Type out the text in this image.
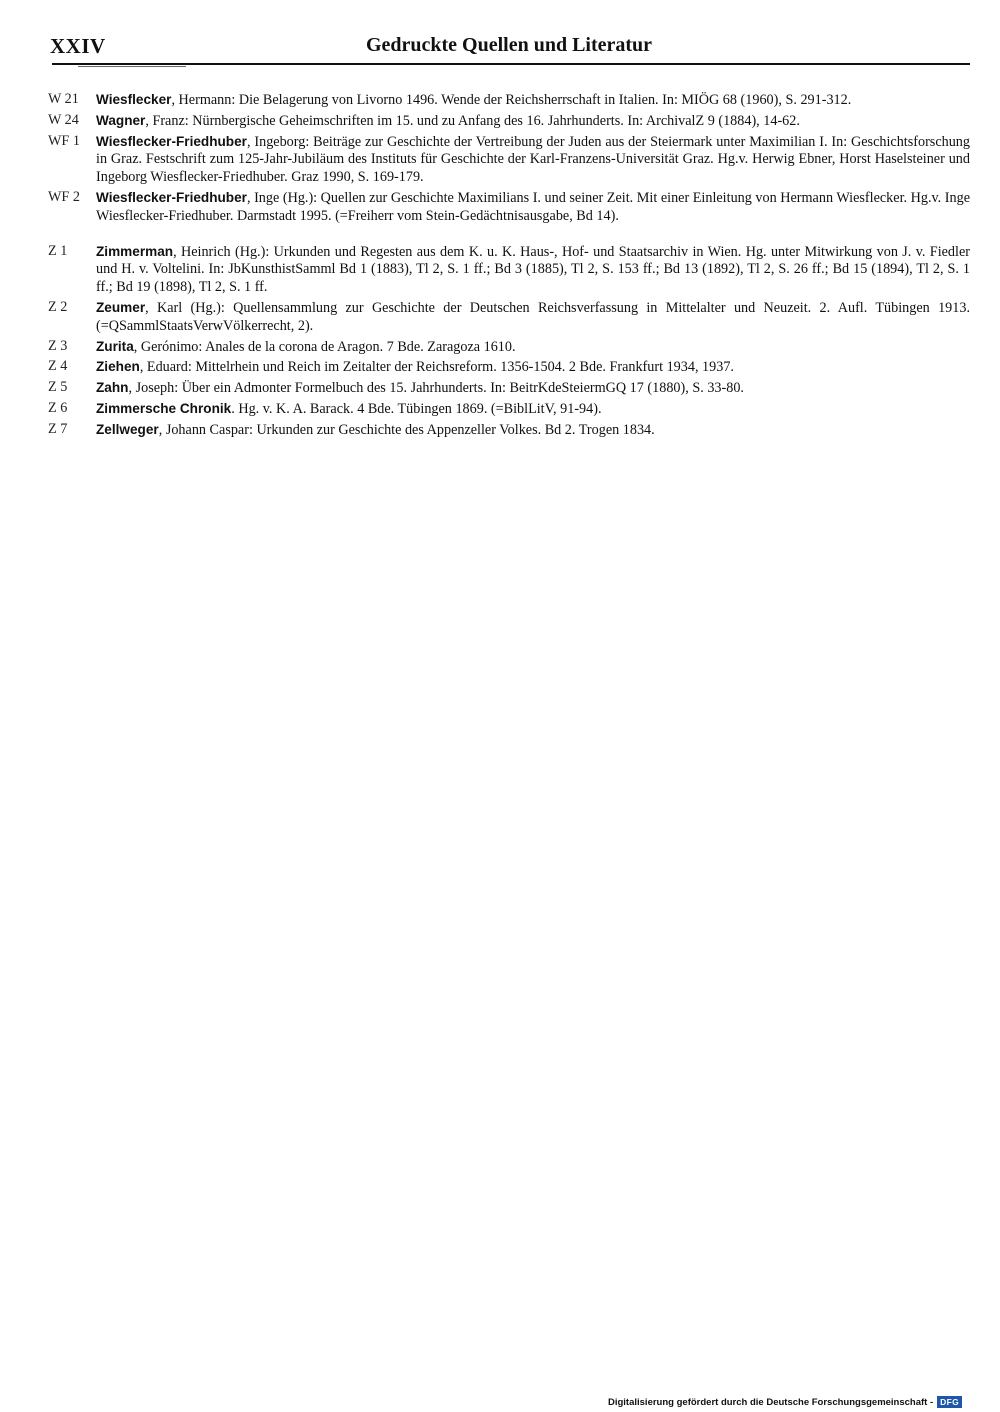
XXIV	Gedruckte Quellen und Literatur
W 21	Wiesflecker, Hermann: Die Belagerung von Livorno 1496. Wende der Reichsherrschaft in Italien. In: MIÖG 68 (1960), S. 291-312.
W 24	Wagner, Franz: Nürnbergische Geheimschriften im 15. und zu Anfang des 16. Jahrhunderts. In: ArchivalZ 9 (1884), 14-62.
WF 1	Wiesflecker-Friedhuber, Ingeborg: Beiträge zur Geschichte der Vertreibung der Juden aus der Steiermark unter Maximilian I. In: Geschichtsforschung in Graz. Festschrift zum 125-Jahr-Jubiläum des Instituts für Geschichte der Karl-Franzens-Universität Graz. Hg.v. Herwig Ebner, Horst Haselsteiner und Ingeborg Wiesflecker-Friedhuber. Graz 1990, S. 169-179.
WF 2	Wiesflecker-Friedhuber, Inge (Hg.): Quellen zur Geschichte Maximilians I. und seiner Zeit. Mit einer Einleitung von Hermann Wiesflecker. Hg.v. Inge Wiesflecker-Friedhuber. Darmstadt 1995. (=Freiherr vom Stein-Gedächtnisausgabe, Bd 14).
Z 1	Zimmerman, Heinrich (Hg.): Urkunden und Regesten aus dem K. u. K. Haus-, Hof- und Staatsarchiv in Wien. Hg. unter Mitwirkung von J. v. Fiedler und H. v. Voltelini. In: JbKunsthistSamml Bd 1 (1883), Tl 2, S. 1 ff.; Bd 3 (1885), Tl 2, S. 153 ff.; Bd 13 (1892), Tl 2, S. 26 ff.; Bd 15 (1894), Tl 2, S. 1 ff.; Bd 19 (1898), Tl 2, S. 1 ff.
Z 2	Zeumer, Karl (Hg.): Quellensammlung zur Geschichte der Deutschen Reichsverfassung in Mittelalter und Neuzeit. 2. Aufl. Tübingen 1913. (=QSammlStaatsVerwVölkerrecht, 2).
Z 3	Zurita, Gerónimo: Anales de la corona de Aragon. 7 Bde. Zaragoza 1610.
Z 4	Ziehen, Eduard: Mittelrhein und Reich im Zeitalter der Reichsreform. 1356-1504. 2 Bde. Frankfurt 1934, 1937.
Z 5	Zahn, Joseph: Über ein Admonter Formelbuch des 15. Jahrhunderts. In: BeitrKdeSteiermGQ 17 (1880), S. 33-80.
Z 6	Zimmersche Chronik. Hg. v. K. A. Barack. 4 Bde. Tübingen 1869. (=BiblLitV, 91-94).
Z 7	Zellweger, Johann Caspar: Urkunden zur Geschichte des Appenzeller Volkes. Bd 2. Trogen 1834.
Digitalisierung gefördert durch die Deutsche Forschungsgemeinschaft - DFG
